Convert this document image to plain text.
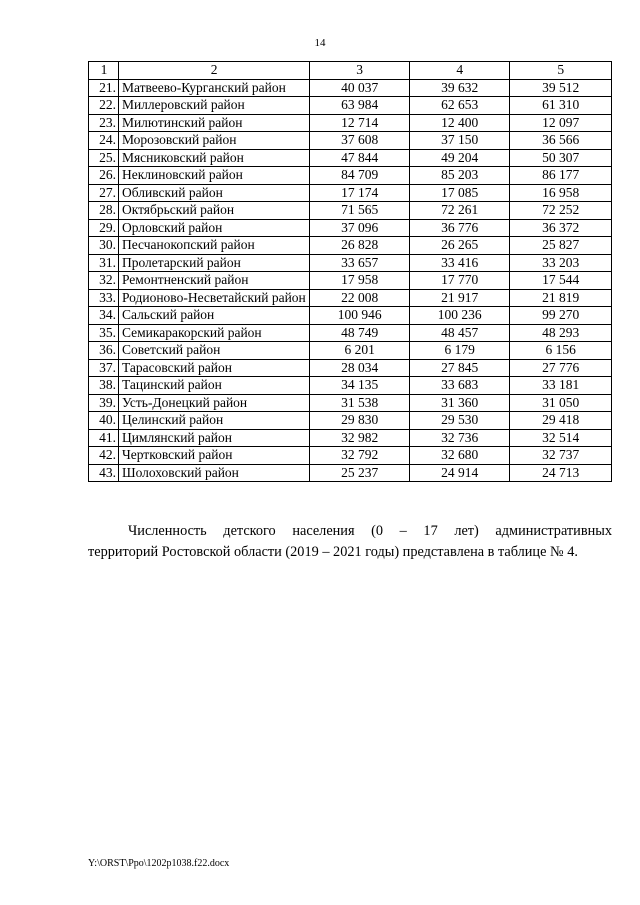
14
1	2	3	4	5
21.	Матвеево-Курганский район	40 037	39 632	39 512
22.	Миллеровский район	63 984	62 653	61 310
23.	Милютинский район	12 714	12 400	12 097
24.	Морозовский район	37 608	37 150	36 566
25.	Мясниковский район	47 844	49 204	50 307
26.	Неклиновский район	84 709	85 203	86 177
27.	Обливский район	17 174	17 085	16 958
28.	Октябрьский район	71 565	72 261	72 252
29.	Орловский район	37 096	36 776	36 372
30.	Песчанокопский район	26 828	26 265	25 827
31.	Пролетарский район	33 657	33 416	33 203
32.	Ремонтненский район	17 958	17 770	17 544
33.	Родионово-Несветайский район	22 008	21 917	21 819
34.	Сальский район	100 946	100 236	99 270
35.	Семикаракорский район	48 749	48 457	48 293
36.	Советский район	6 201	6 179	6 156
37.	Тарасовский район	28 034	27 845	27 776
38.	Тацинский район	34 135	33 683	33 181
39.	Усть-Донецкий район	31 538	31 360	31 050
40.	Целинский район	29 830	29 530	29 418
41.	Цимлянский район	32 982	32 736	32 514
42.	Чертковский район	32 792	32 680	32 737
43.	Шолоховский район	25 237	24 914	24 713
Численность детского населения (0 – 17 лет) административных
территорий Ростовской области (2019 – 2021 годы) представлена в таблице № 4.
Y:\ORST\Ppo\1202p1038.f22.docx
